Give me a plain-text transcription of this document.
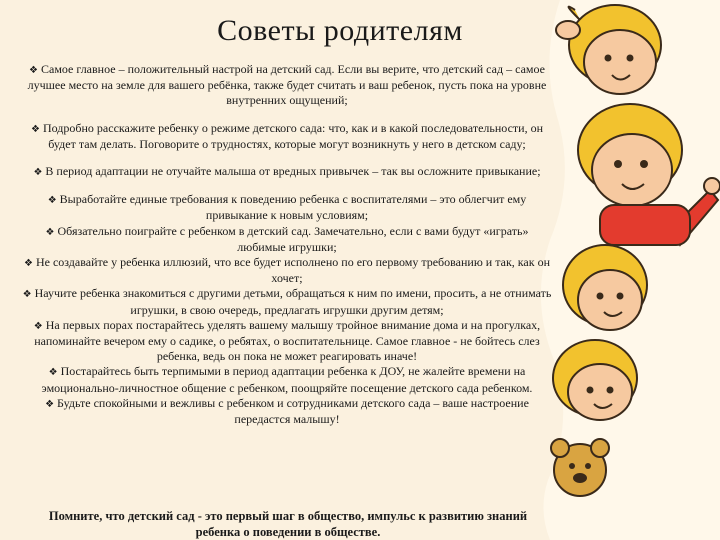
Советы родителям

❖ Самое главное – положительный настрой на детский сад. Если вы верите, что детский сад – самое лучшее место на земле для вашего ребёнка, также будет считать и ваш ребенок, пусть пока на уровне внутренних ощущений;

❖ Подробно расскажите ребенку о режиме детского сада: что, как и в какой последовательности, он будет там делать. Поговорите о трудностях, которые могут возникнуть у него в детском саду;

❖ В период адаптации не отучайте малыша от вредных привычек – так вы осложните привыкание;

❖ Выработайте единые требования к поведению ребенка с воспитателями – это облегчит ему привыкание к новым условиям;

❖ Обязательно поиграйте с ребенком в детский сад. Замечательно, если с вами будут «играть» любимые игрушки;

❖ Не создавайте у ребенка иллюзий, что все будет исполнено по его первому требованию и так, как он хочет;

❖ Научите ребенка знакомиться с другими детьми, обращаться к ним по имени, просить, а не отнимать игрушки, в свою очередь, предлагать игрушки другим детям;

❖ На первых порах постарайтесь уделять вашему малышу тройное внимание дома и на прогулках, напоминайте вечером ему о садике, о ребятах, о воспитательнице. Самое главное - не бойтесь слез ребенка, ведь он пока не может реагировать иначе!

❖ Постарайтесь быть терпимыми в период адаптации ребенка к ДОУ, не жалейте времени на эмоционально-личностное общение с ребенком, поощряйте посещение детского сада ребенком.

❖ Будьте спокойными и вежливы с ребенком и сотрудниками детского сада – ваше настроение передастся малышу!

Помните, что детский сад - это первый шаг в общество, импульс к развитию знаний ребенка о поведении в обществе.
